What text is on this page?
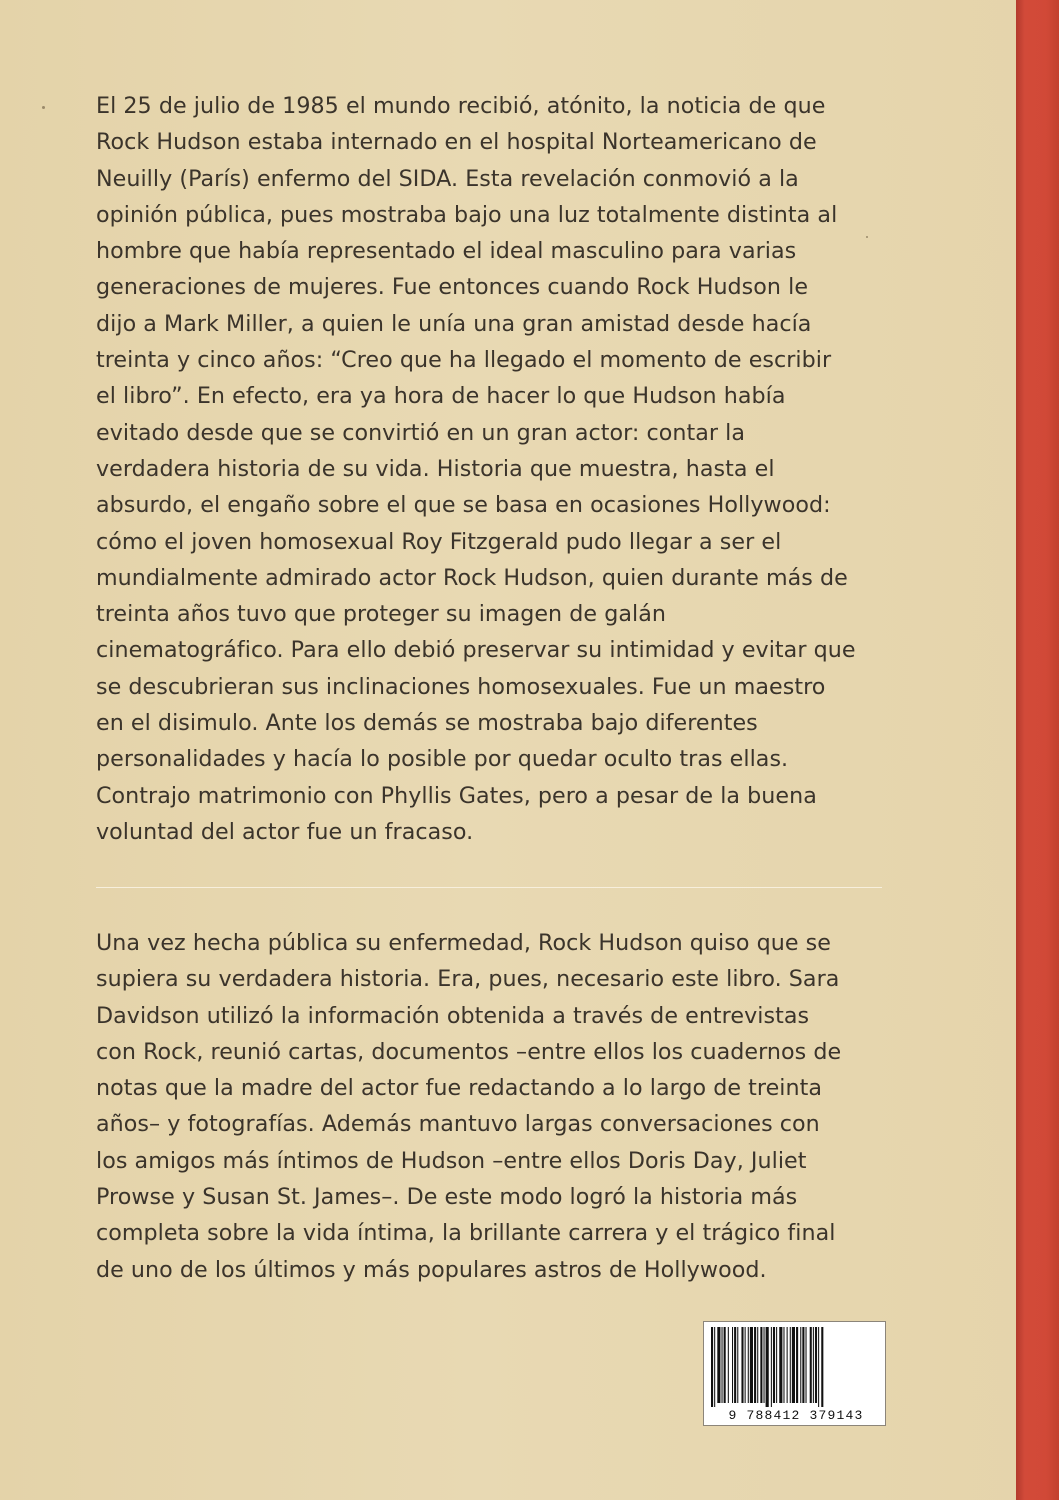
El 25 de julio de 1985 el mundo recibió, atónito, la noticia de que
Rock Hudson estaba internado en el hospital Norteamericano de
Neuilly (París) enfermo del SIDA. Esta revelación conmovió a la
opinión pública, pues mostraba bajo una luz totalmente distinta al
hombre que había representado el ideal masculino para varias
generaciones de mujeres. Fue entonces cuando Rock Hudson le
dijo a Mark Miller, a quien le unía una gran amistad desde hacía
treinta y cinco años: “Creo que ha llegado el momento de escribir
el libro”. En efecto, era ya hora de hacer lo que Hudson había
evitado desde que se convirtió en un gran actor: contar la
verdadera historia de su vida. Historia que muestra, hasta el
absurdo, el engaño sobre el que se basa en ocasiones Hollywood:
cómo el joven homosexual Roy Fitzgerald pudo llegar a ser el
mundialmente admirado actor Rock Hudson, quien durante más de
treinta años tuvo que proteger su imagen de galán
cinematográfico. Para ello debió preservar su intimidad y evitar que
se descubrieran sus inclinaciones homosexuales. Fue un maestro
en el disimulo. Ante los demás se mostraba bajo diferentes
personalidades y hacía lo posible por quedar oculto tras ellas.
Contrajo matrimonio con Phyllis Gates, pero a pesar de la buena
voluntad del actor fue un fracaso.

Una vez hecha pública su enfermedad, Rock Hudson quiso que se
supiera su verdadera historia. Era, pues, necesario este libro. Sara
Davidson utilizó la información obtenida a través de entrevistas
con Rock, reunió cartas, documentos –entre ellos los cuadernos de
notas que la madre del actor fue redactando a lo largo de treinta
años– y fotografías. Además mantuvo largas conversaciones con
los amigos más íntimos de Hudson –entre ellos Doris Day, Juliet
Prowse y Susan St. James–. De este modo logró la historia más
completa sobre la vida íntima, la brillante carrera y el trágico final
de uno de los últimos y más populares astros de Hollywood.

9 788412 379143
